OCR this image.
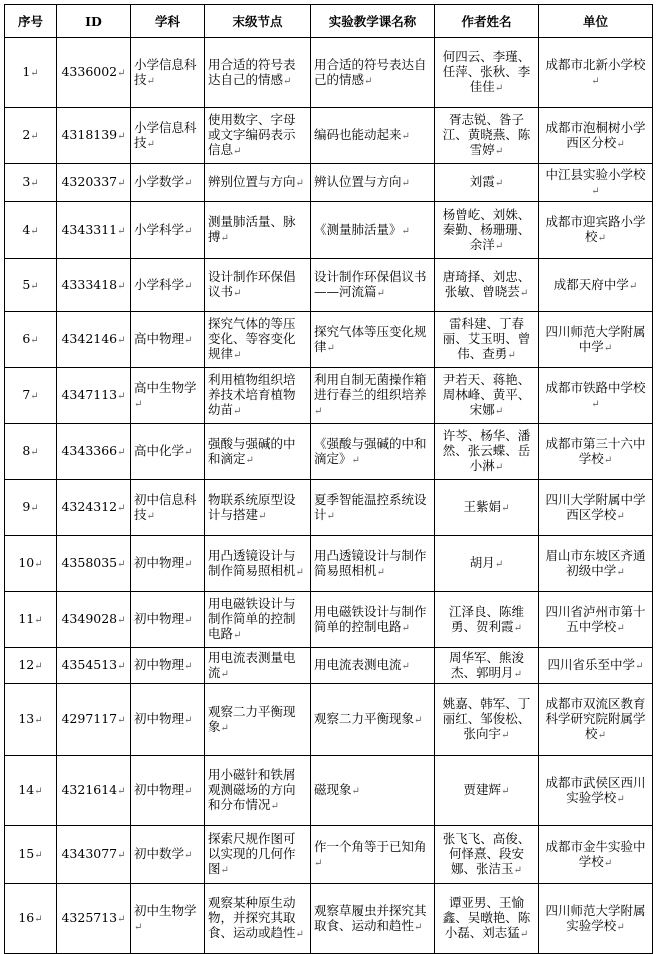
序号	ID	学科	末级节点	实验教学课名称	作者姓名	单位
1↵	4336002↵	小学信息科技↵	用合适的符号表达自己的情感↵	用合适的符号表达自己的情感↵	何四云、李瑾、任萍、张秋、李佳佳↵	成都市北新小学校↵
2↵	4318139↵	小学信息科技↵	使用数字、字母或文字编码表示信息↵	编码也能动起来↵	胥志锐、昝子江、黄晓燕、陈雪婷↵	成都市泡桐树小学西区分校↵
3↵	4320337↵	小学数学↵	辨别位置与方向↵	辨认位置与方向↵	刘霞↵	中江县实验小学校↵
4↵	4343311↵	小学科学↵	测量肺活量、脉搏↵	《测量肺活量》↵	杨曾屹、刘姝、秦勤、杨珊珊、余洋↵	成都市迎宾路小学校↵
5↵	4333418↵	小学科学↵	设计制作环保倡议书↵	设计制作环保倡议书——河流篇↵	唐琦择、刘忠、张敏、曾晓芸↵	成都天府中学↵
6↵	4342146↵	高中物理↵	探究气体的等压变化、等容变化规律↵	探究气体等压变化规律↵	雷科建、丁春丽、艾玉明、曾伟、查勇↵	四川师范大学附属中学↵
7↵	4347113↵	高中生物学↵	利用植物组织培养技术培育植物幼苗↵	利用自制无菌操作箱进行春兰的组织培养↵	尹若天、蒋艳、周林峰、黄平、宋娜↵	成都市铁路中学校↵
8↵	4343366↵	高中化学↵	强酸与强碱的中和滴定↵	《强酸与强碱的中和滴定》↵	许芩、杨华、潘然、张云蝶、岳小淋↵	成都市第三十六中学校↵
9↵	4324312↵	初中信息科技↵	物联系统原型设计与搭建↵	夏季智能温控系统设计↵	王紫娟↵	四川大学附属中学西区学校↵
10↵	4358035↵	初中物理↵	用凸透镜设计与制作简易照相机↵	用凸透镜设计与制作简易照相机↵	胡月↵	眉山市东坡区齐通初级中学↵
11↵	4349028↵	初中物理↵	用电磁铁设计与制作简单的控制电路↵	用电磁铁设计与制作简单的控制电路↵	江泽良、陈维勇、贺利霞↵	四川省泸州市第十五中学校↵
12↵	4354513↵	初中物理↵	用电流表测量电流↵	用电流表测电流↵	周华军、熊浚杰、郭明月↵	四川省乐至中学↵
13↵	4297117↵	初中物理↵	观察二力平衡现象↵	观察二力平衡现象↵	姚嘉、韩军、丁丽红、邹俊松、张向宇↵	成都市双流区教育科学研究院附属学校↵
14↵	4321614↵	初中物理↵	用小磁针和铁屑观测磁场的方向和分布情况↵	磁现象↵	贾建辉↵	成都市武侯区西川实验学校↵
15↵	4343077↵	初中数学↵	探索尺规作图可以实现的几何作图↵	作一个角等于已知角↵	张飞飞、高俊、何怿熹、段安娜、张洁玉↵	成都市金牛实验中学校↵
16↵	4325713↵	初中生物学↵	观察某种原生动物，并探究其取食、运动或趋性↵	观察草履虫并探究其取食、运动和趋性↵	谭亚男、王愉鑫、吴暾艳、陈小磊、刘志猛↵	四川师范大学附属实验学校↵
